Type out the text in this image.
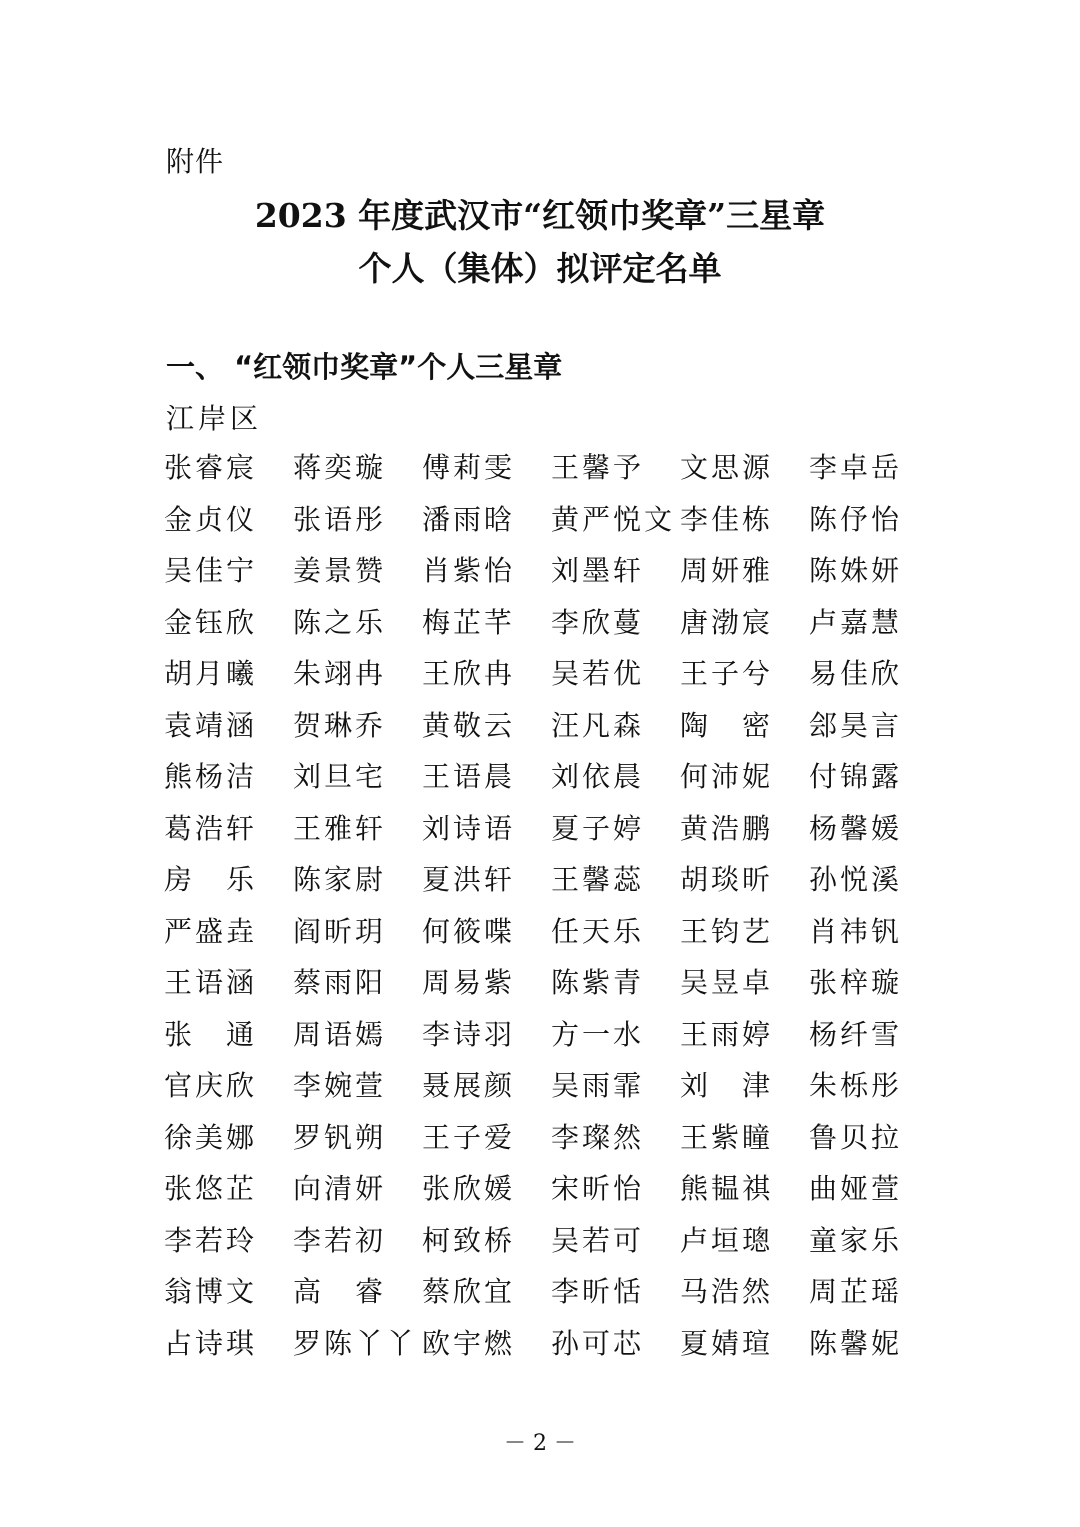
附件
2023 年度武汉市“红领巾奖章”三星章
个人（集体）拟评定名单
一、 “红领巾奖章”个人三星章
江岸区
张睿宸	蒋奕璇	傅莉雯	王馨予	文思源	李卓岳
金贞仪	张语彤	潘雨晗	黄严悦文 李佳栋	陈伃怡
吴佳宁	姜景赞	肖紫怡	刘墨轩	周妍雅	陈姝妍
金钰欣	陈之乐	梅芷芊	李欣蔓	唐渤宸	卢嘉慧
胡月曦	朱翊冉	王欣冉	吴若优	王子兮	易佳欣
袁靖涵	贺琳乔	黄敬云	汪凡森	陶　密	郐昊言
熊杨洁	刘旦宅	王语晨	刘依晨	何沛妮	付锦露
葛浩轩	王雅轩	刘诗语	夏子婷	黄浩鹏	杨馨媛
房　乐	陈家尉	夏洪轩	王馨蕊	胡琰昕	孙悦溪
严盛垚	阎昕玥	何筱喋	任天乐	王钧艺	肖祎钒
王语涵	蔡雨阳	周易紫	陈紫青	吴昱卓	张梓璇
张　通	周语嫣	李诗羽	方一水	王雨婷	杨纤雪
官庆欣	李婉萱	聂展颜	吴雨霏	刘　津	朱栎彤
徐美娜	罗钒朔	王子爱	李璨然	王紫瞳	鲁贝拉
张悠芷	向清妍	张欣媛	宋昕怡	熊韫祺	曲娅萱
李若玲	李若初	柯致桥	吴若可	卢垣璁	童家乐
翁博文	高　睿	蔡欣宜	李昕恬	马浩然	周芷瑶
占诗琪	罗陈丫丫 欧宇燃	孙可芯	夏婧瑄	陈馨妮
－ 2 －
